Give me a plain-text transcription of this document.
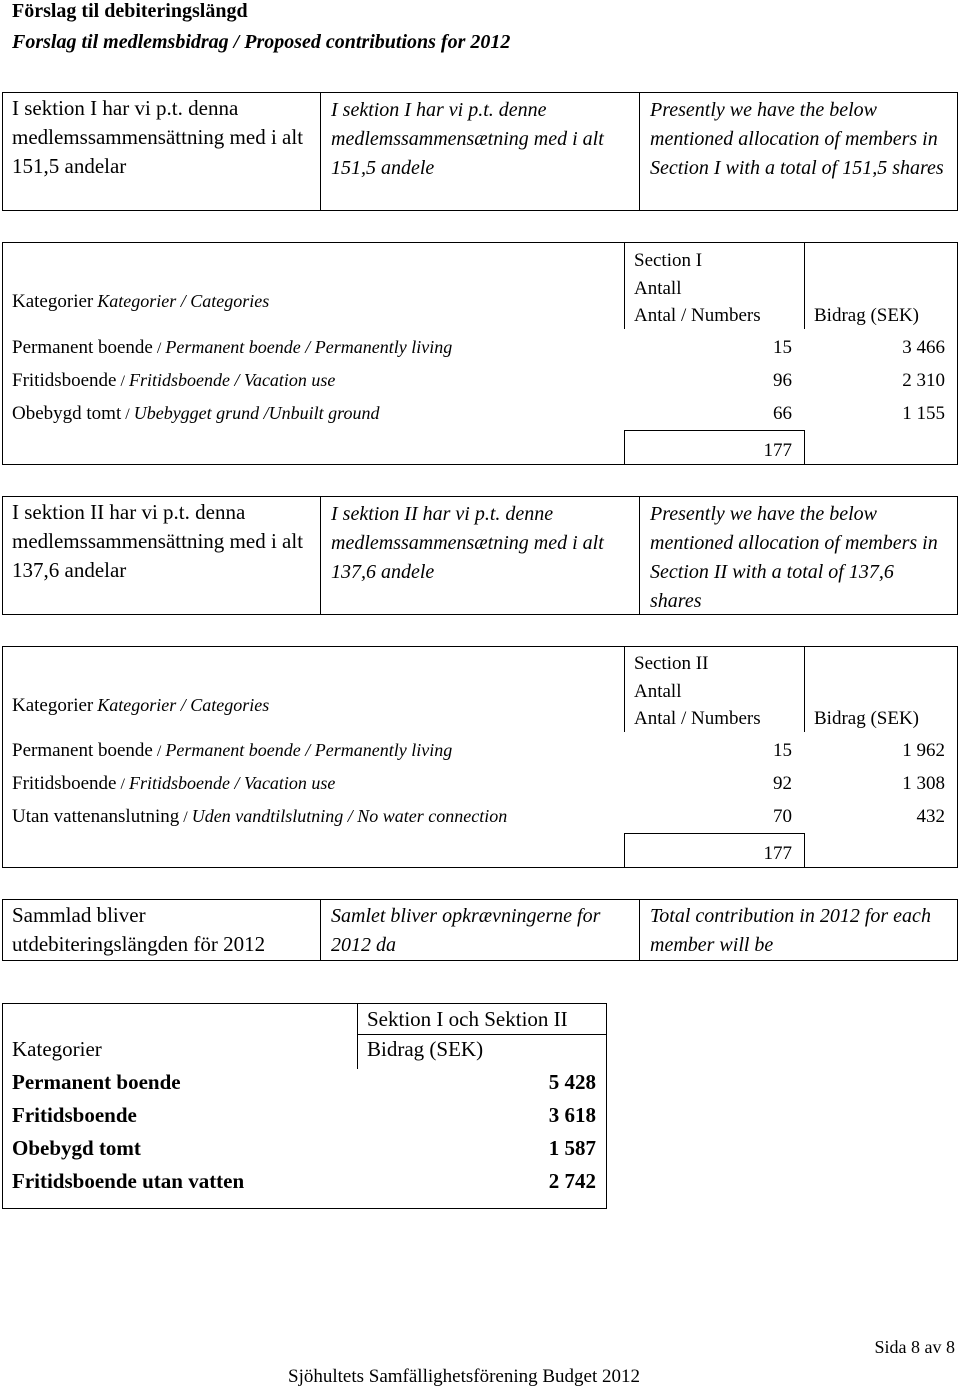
Förslag til debiteringslängd
Forslag til medlemsbidrag / Proposed contributions for 2012
I sektion I har vi p.t. denna medlemssammensättning med i alt 151,5 andelar
I sektion I har vi p.t. denne medlemssammensætning med i alt 151,5 andele
Presently we have the below mentioned allocation of members in Section I with a total of 151,5 shares
Section I
Antall
Antal / Numbers	Bidrag (SEK)
Kategorier Kategorier / Categories
Permanent boende / Permanent boende / Permanently living	15	3 466
Fritidsboende / Fritidsboende / Vacation use	96	2 310
Obebygd tomt / Ubebygget grund /Unbuilt ground	66	1 155
177
I sektion II har vi p.t. denna medlemssammensättning med i alt 137,6 andelar
I sektion II har vi p.t. denne medlemssammensætning med i alt 137,6 andele
Presently we have the below mentioned allocation of members in Section II with a total of 137,6 shares
Section II
Antall
Antal / Numbers	Bidrag (SEK)
Kategorier Kategorier / Categories
Permanent boende / Permanent boende / Permanently living	15	1 962
Fritidsboende / Fritidsboende / Vacation use	92	1 308
Utan vattenanslutning / Uden vandtilslutning / No water connection	70	432
177
Sammlad bliver utdebiteringslängden för 2012
Samlet bliver opkrævningerne for 2012 da
Total contribution in 2012 for each member will be
Sektion I och Sektion II
Kategorier	Bidrag (SEK)
Permanent boende	5 428
Fritidsboende	3 618
Obebygd tomt	1 587
Fritidsboende utan vatten	2 742
Sida 8 av 8
Sjöhultets Samfällighetsförening Budget 2012
